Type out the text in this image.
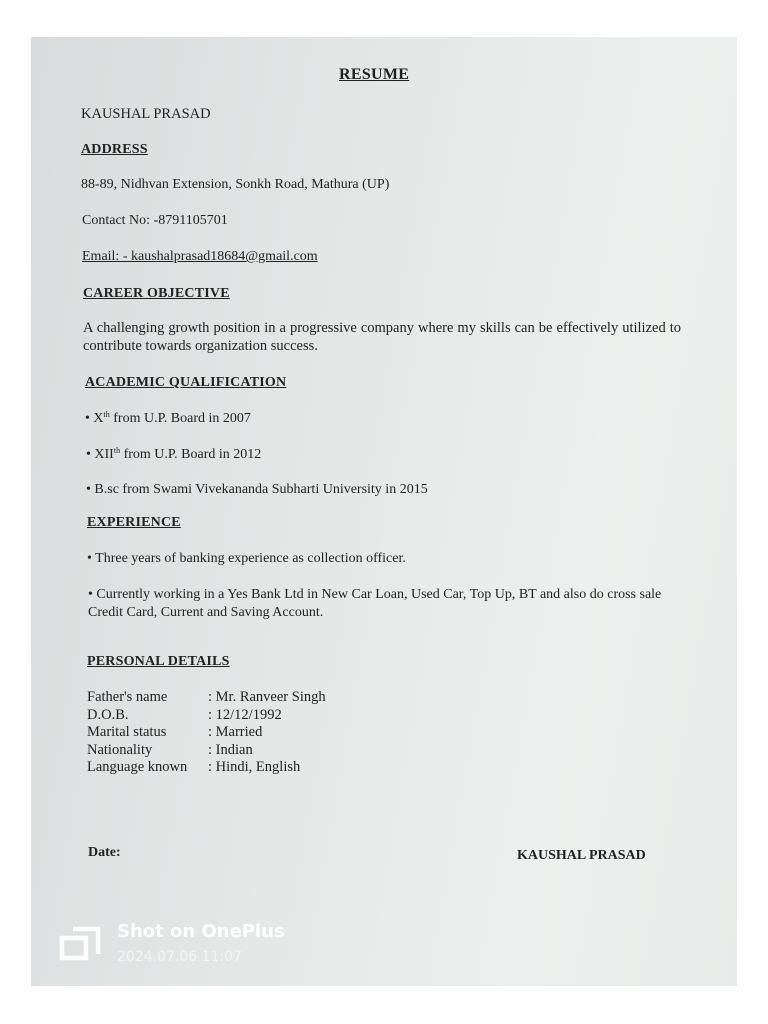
RESUME
KAUSHAL PRASAD
ADDRESS
88-89, Nidhvan Extension, Sonkh Road, Mathura (UP)
Contact No: -8791105701
Email: - kaushalprasad18684@gmail.com
CAREER OBJECTIVE
A challenging growth position in a progressive company where my skills can be effectively utilized to contribute towards organization success.
ACADEMIC QUALIFICATION
• Xth from U.P. Board in 2007
• XIIth from U.P. Board in 2012
• B.sc from Swami Vivekananda Subharti University in 2015
EXPERIENCE
• Three years of banking experience as collection officer.
• Currently working in a Yes Bank Ltd in New Car Loan, Used Car, Top Up, BT and also do cross sale Credit Card, Current and Saving Account.
PERSONAL DETAILS
Father's name	: Mr. Ranveer Singh
D.O.B.	: 12/12/1992
Marital status	: Married
Nationality	: Indian
Language known	: Hindi, English
Date:	KAUSHAL PRASAD
Shot on OnePlus
2024.07.06 11:07
